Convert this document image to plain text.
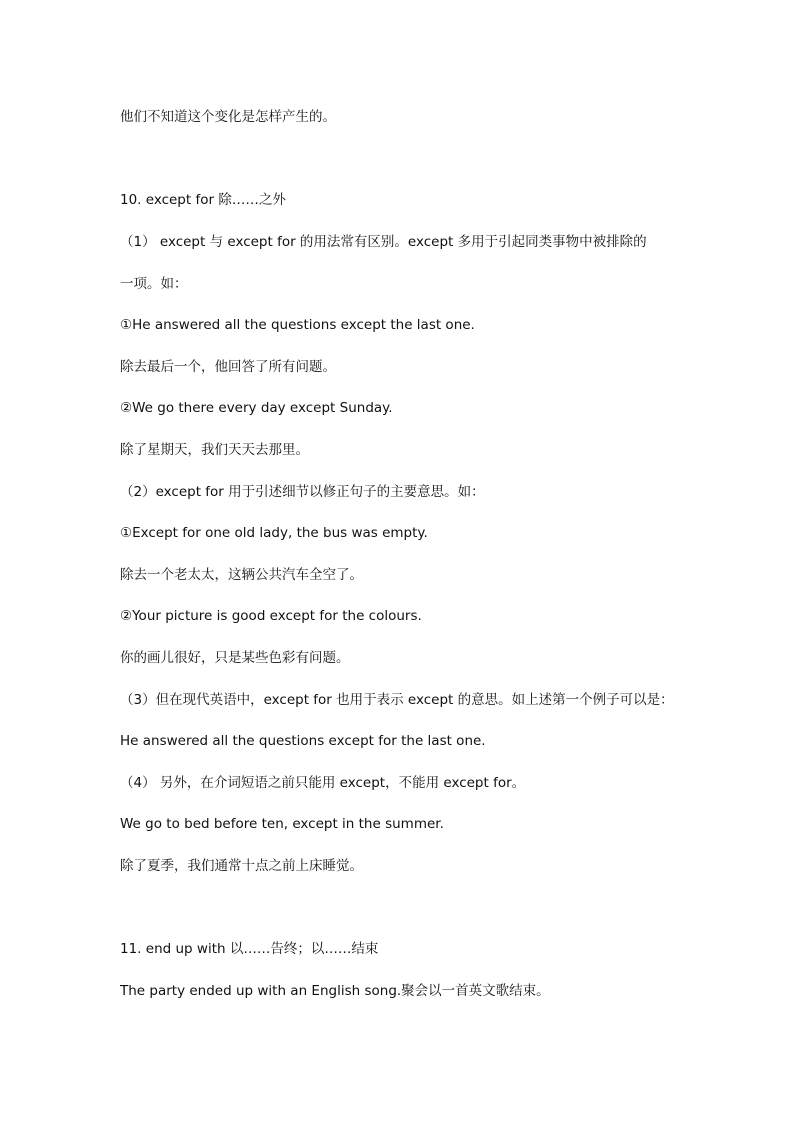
他们不知道这个变化是怎样产生的。
10. except for 除……之外
（1） except 与 except for 的用法常有区别。except 多用于引起同类事物中被排除的
一项。如：
①He answered all the questions except the last one.
除去最后一个，他回答了所有问题。
②We go there every day except Sunday.
除了星期天，我们天天去那里。
（2）except for 用于引述细节以修正句子的主要意思。如：
①Except for one old lady, the bus was empty.
除去一个老太太，这辆公共汽车全空了。
②Your picture is good except for the colours.
你的画儿很好，只是某些色彩有问题。
（3）但在现代英语中，except for 也用于表示 except 的意思。如上述第一个例子可以是：
He answered all the questions except for the last one.
（4） 另外，在介词短语之前只能用 except，不能用 except for。
We go to bed before ten, except in the summer.
除了夏季，我们通常十点之前上床睡觉。
11. end up with 以……告终；以……结束
The party ended up with an English song.聚会以一首英文歌结束。
